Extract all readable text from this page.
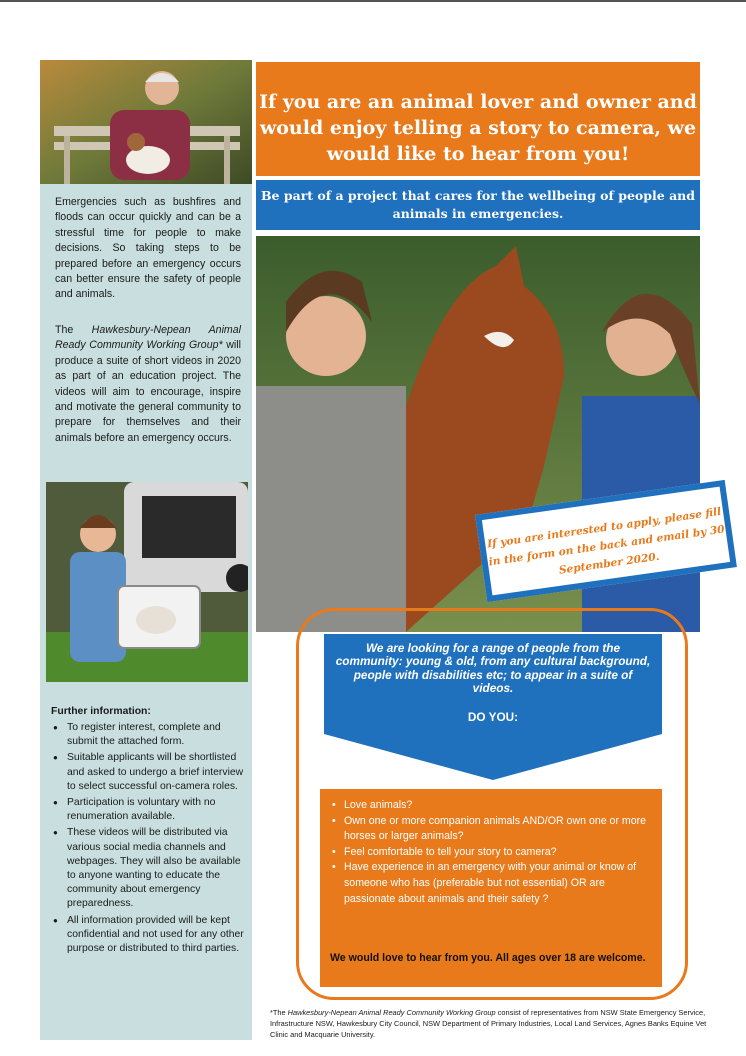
Emergencies such as bushfires and floods can occur quickly and can be a stressful time for people to make decisions. So taking steps to be prepared before an emergency occurs can better ensure the safety of people and animals.
The Hawkesbury-Nepean Animal Ready Community Working Group* will produce a suite of short videos in 2020 as part of an education project. The videos will aim to encourage, inspire and motivate the general community to prepare for themselves and their animals before an emergency occurs.
Further information:
● To register interest, complete and submit the attached form.
● Suitable applicants will be shortlisted and asked to undergo a brief interview to select successful on-camera roles.
● Participation is voluntary with no renumeration available.
● These videos will be distributed via various social media channels and webpages. They will also be available to anyone wanting to educate the community about emergency preparedness.
● All information provided will be kept confidential and not used for any other purpose or distributed to third parties.
If you are an animal lover and owner and would enjoy telling a story to camera, we would like to hear from you!
Be part of a project that cares for the wellbeing of people and animals in emergencies.
If you are interested to apply, please fill in the form on the back and email by 30 September 2020.
We are looking for a range of people from the community: young & old, from any cultural background, people with disabilities etc; to appear in a suite of videos.
DO YOU:
• Love animals?
• Own one or more companion animals AND/OR own one or more horses or larger animals?
• Feel comfortable to tell your story to camera?
• Have experience in an emergency with your animal or know of someone who has (preferable but not essential) OR are passionate about animals and their safety ?
We would love to hear from you. All ages over 18 are welcome.
*The Hawkesbury-Nepean Animal Ready Community Working Group consist of representatives from NSW State Emergency Service, Infrastructure NSW, Hawkesbury City Council, NSW Department of Primary Industries, Local Land Services, Agnes Banks Equine Vet Clinic and Macquarie University.
